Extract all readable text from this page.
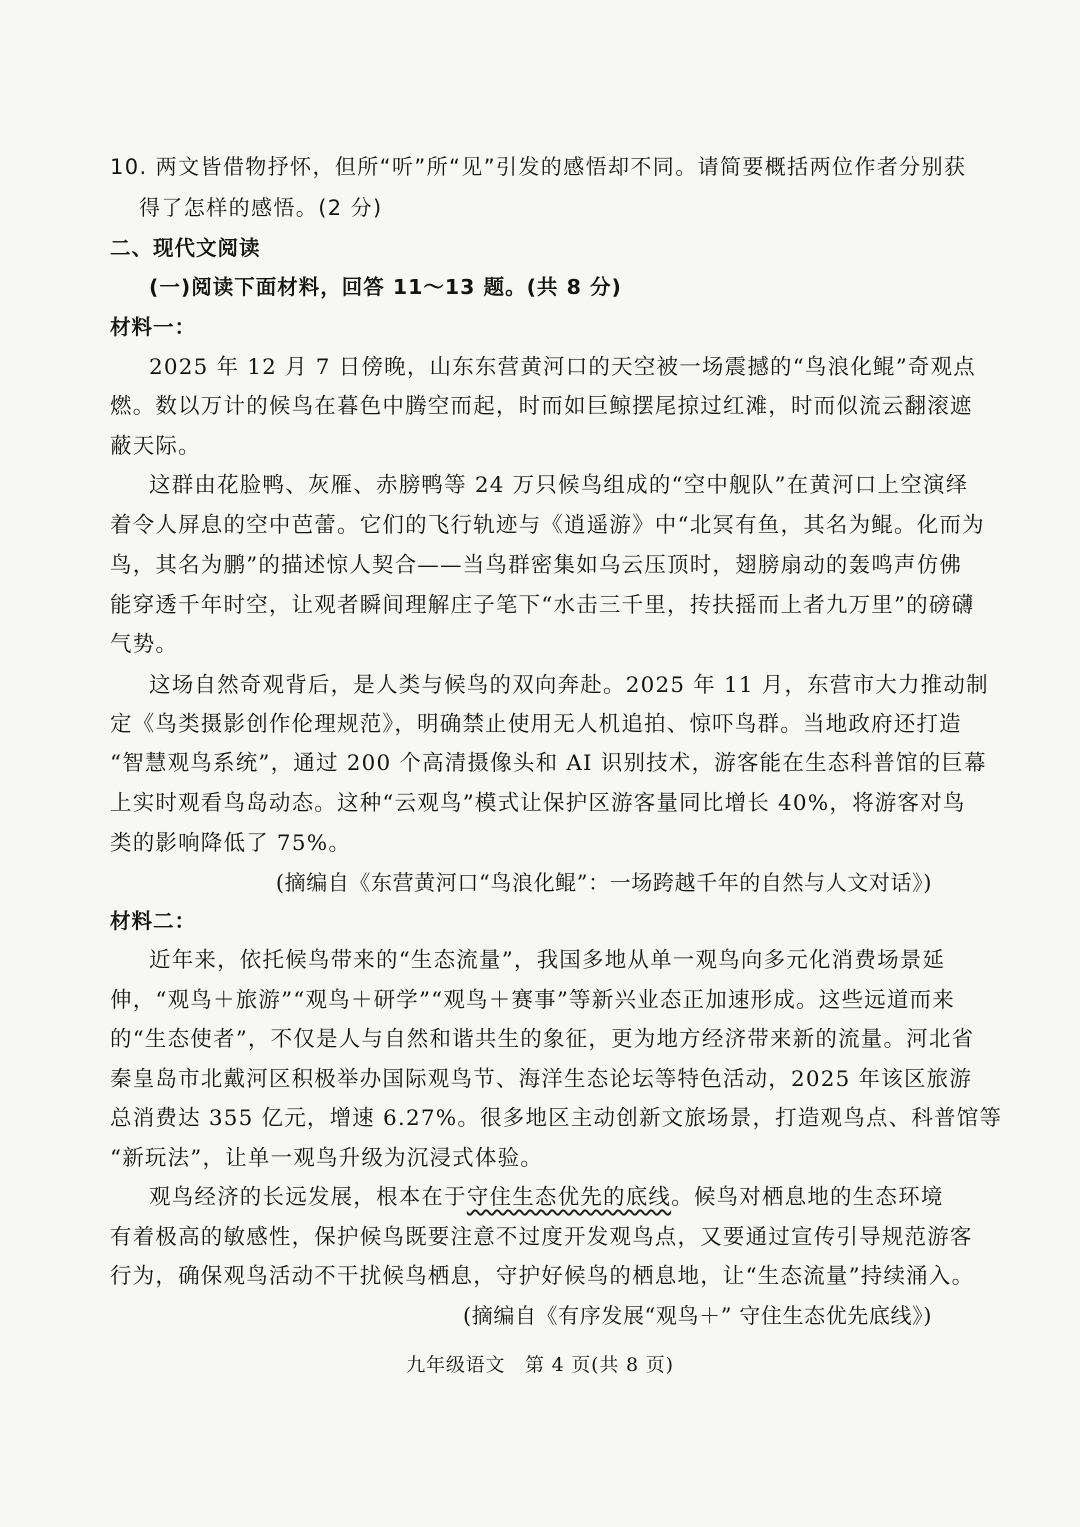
10. 两文皆借物抒怀，但所“听”所“见”引发的感悟却不同。请简要概括两位作者分别获
得了怎样的感悟。(2 分)
二、现代文阅读
(一)阅读下面材料，回答 11～13 题。(共 8 分)
材料一：
2025 年 12 月 7 日傍晚，山东东营黄河口的天空被一场震撼的“鸟浪化鲲”奇观点
燃。数以万计的候鸟在暮色中腾空而起，时而如巨鲸摆尾掠过红滩，时而似流云翻滚遮
蔽天际。
这群由花脸鸭、灰雁、赤膀鸭等 24 万只候鸟组成的“空中舰队”在黄河口上空演绎
着令人屏息的空中芭蕾。它们的飞行轨迹与《逍遥游》中“北冥有鱼，其名为鲲。化而为
鸟，其名为鹏”的描述惊人契合——当鸟群密集如乌云压顶时，翅膀扇动的轰鸣声仿佛
能穿透千年时空，让观者瞬间理解庄子笔下“水击三千里，抟扶摇而上者九万里”的磅礴
气势。
这场自然奇观背后，是人类与候鸟的双向奔赴。2025 年 11 月，东营市大力推动制
定《鸟类摄影创作伦理规范》，明确禁止使用无人机追拍、惊吓鸟群。当地政府还打造
“智慧观鸟系统”，通过 200 个高清摄像头和 AI 识别技术，游客能在生态科普馆的巨幕
上实时观看鸟岛动态。这种“云观鸟”模式让保护区游客量同比增长 40%，将游客对鸟
类的影响降低了 75%。
(摘编自《东营黄河口“鸟浪化鲲”：一场跨越千年的自然与人文对话》)
材料二：
近年来，依托候鸟带来的“生态流量”，我国多地从单一观鸟向多元化消费场景延
伸，“观鸟＋旅游”“观鸟＋研学”“观鸟＋赛事”等新兴业态正加速形成。这些远道而来
的“生态使者”，不仅是人与自然和谐共生的象征，更为地方经济带来新的流量。河北省
秦皇岛市北戴河区积极举办国际观鸟节、海洋生态论坛等特色活动，2025 年该区旅游
总消费达 355 亿元，增速 6.27%。很多地区主动创新文旅场景，打造观鸟点、科普馆等
“新玩法”，让单一观鸟升级为沉浸式体验。
观鸟经济的长远发展，根本在于守住生态优先的底线。候鸟对栖息地的生态环境
有着极高的敏感性，保护候鸟既要注意不过度开发观鸟点，又要通过宣传引导规范游客
行为，确保观鸟活动不干扰候鸟栖息，守护好候鸟的栖息地，让“生态流量”持续涌入。
(摘编自《有序发展“观鸟＋” 守住生态优先底线》)
九年级语文　第 4 页(共 8 页)
